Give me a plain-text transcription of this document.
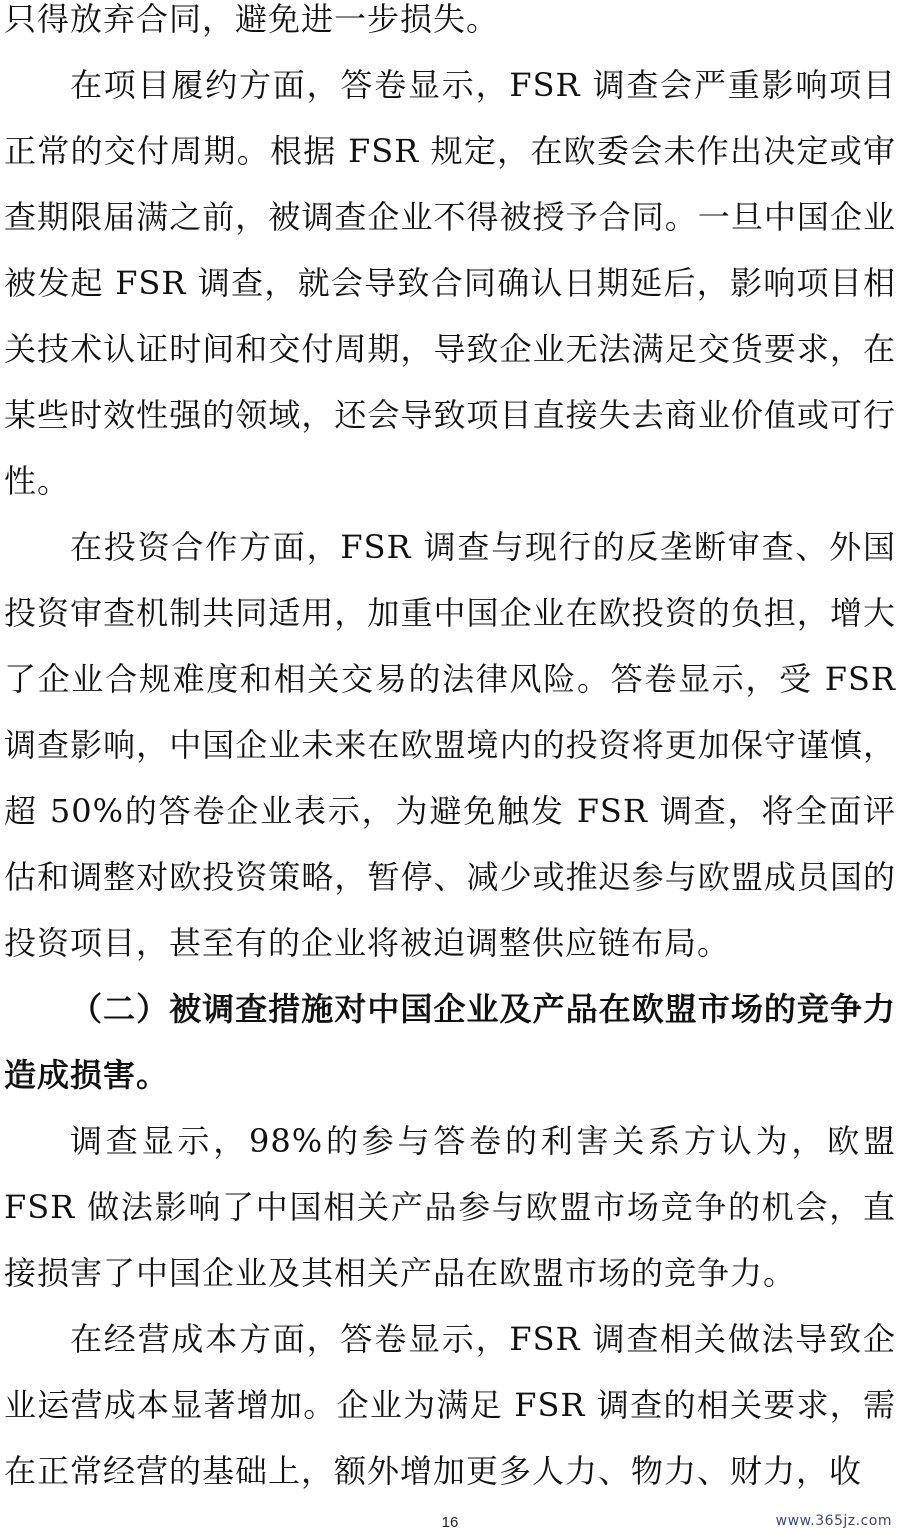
只得放弃合同，避免进一步损失。

在项目履约方面，答卷显示，FSR 调查会严重影响项目正常的交付周期。根据 FSR 规定，在欧委会未作出决定或审查期限届满之前，被调查企业不得被授予合同。一旦中国企业被发起 FSR 调查，就会导致合同确认日期延后，影响项目相关技术认证时间和交付周期，导致企业无法满足交货要求，在某些时效性强的领域，还会导致项目直接失去商业价值或可行性。

在投资合作方面，FSR 调查与现行的反垄断审查、外国投资审查机制共同适用，加重中国企业在欧投资的负担，增大了企业合规难度和相关交易的法律风险。答卷显示，受 FSR 调查影响，中国企业未来在欧盟境内的投资将更加保守谨慎，超 50%的答卷企业表示，为避免触发 FSR 调查，将全面评估和调整对欧投资策略，暂停、减少或推迟参与欧盟成员国的投资项目，甚至有的企业将被迫调整供应链布局。

（二）被调查措施对中国企业及产品在欧盟市场的竞争力造成损害。

调查显示，98%的参与答卷的利害关系方认为，欧盟 FSR 做法影响了中国相关产品参与欧盟市场竞争的机会，直接损害了中国企业及其相关产品在欧盟市场的竞争力。

在经营成本方面，答卷显示，FSR 调查相关做法导致企业运营成本显著增加。企业为满足 FSR 调查的相关要求，需在正常经营的基础上，额外增加更多人力、物力、财力，收

16	www.365jz.com
